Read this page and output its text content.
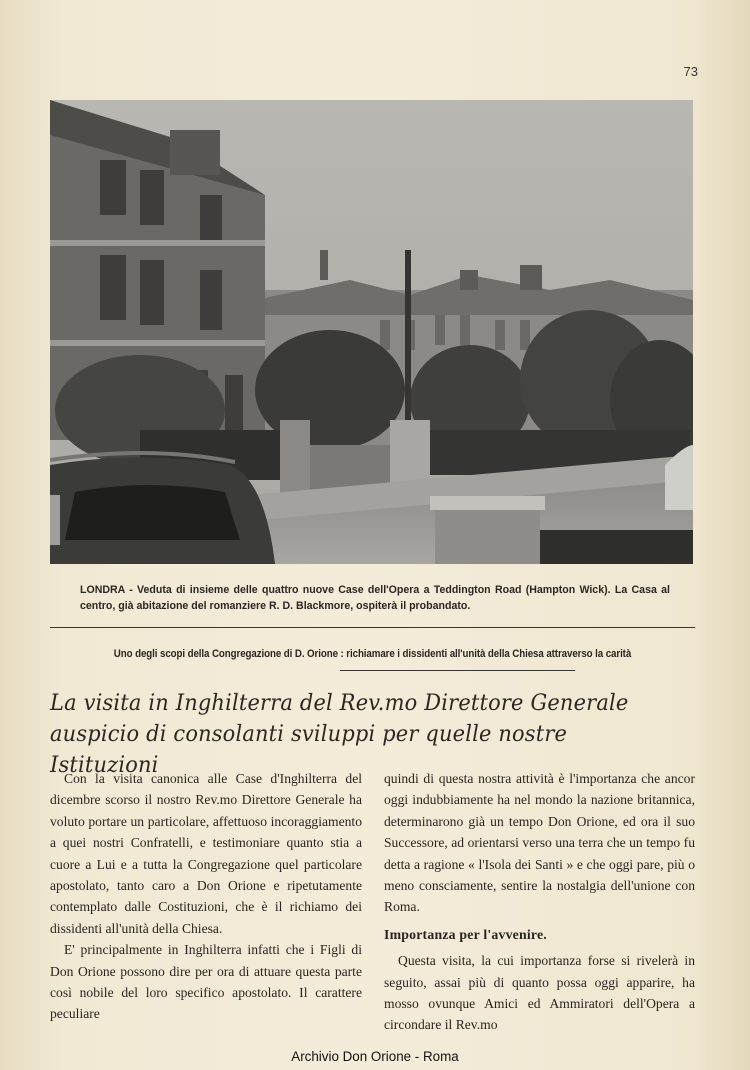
73
LONDRA - Veduta di insieme delle quattro nuove Case dell'Opera a Teddington Road (Hampton Wick). La Casa al centro, già abitazione del romanziere R. D. Blackmore, ospiterà il probandato.
Uno degli scopi della Congregazione di D. Orione : richiamare i dissidenti all'unità della Chiesa attraverso la carità
La visita in Inghilterra del Rev.mo Direttore Generale
auspicio di consolanti sviluppi per quelle nostre Istituzioni

Con la visita canonica alle Case d'Inghilterra del dicembre scorso il nostro Rev.mo Direttore Generale ha voluto portare un particolare, affettuoso incoraggiamento a quei nostri Confratelli, e testimoniare quanto stia a cuore a Lui e a tutta la Congregazione quel particolare apostolato, tanto caro a Don Orione e ripetutamente contemplato dalle Costituzioni, che è il richiamo dei dissidenti all'unità della Chiesa.

E' principalmente in Inghilterra infatti che i Figli di Don Orione possono dire per ora di attuare questa parte così nobile del loro specifico apostolato. Il carattere peculiare

quindi di questa nostra attività è l'importanza che ancor oggi indubbiamente ha nel mondo la nazione britannica, determinarono già un tempo Don Orione, ed ora il suo Successore, ad orientarsi verso una terra che un tempo fu detta a ragione « l'Isola dei Santi » e che oggi pare, più o meno consciamente, sentire la nostalgia dell'unione con Roma.

Importanza per l'avvenire.

Questa visita, la cui importanza forse si rivelerà in seguito, assai più di quanto possa oggi apparire, ha mosso ovunque Amici ed Ammiratori dell'Opera a circondare il Rev.mo

Archivio Don Orione - Roma
